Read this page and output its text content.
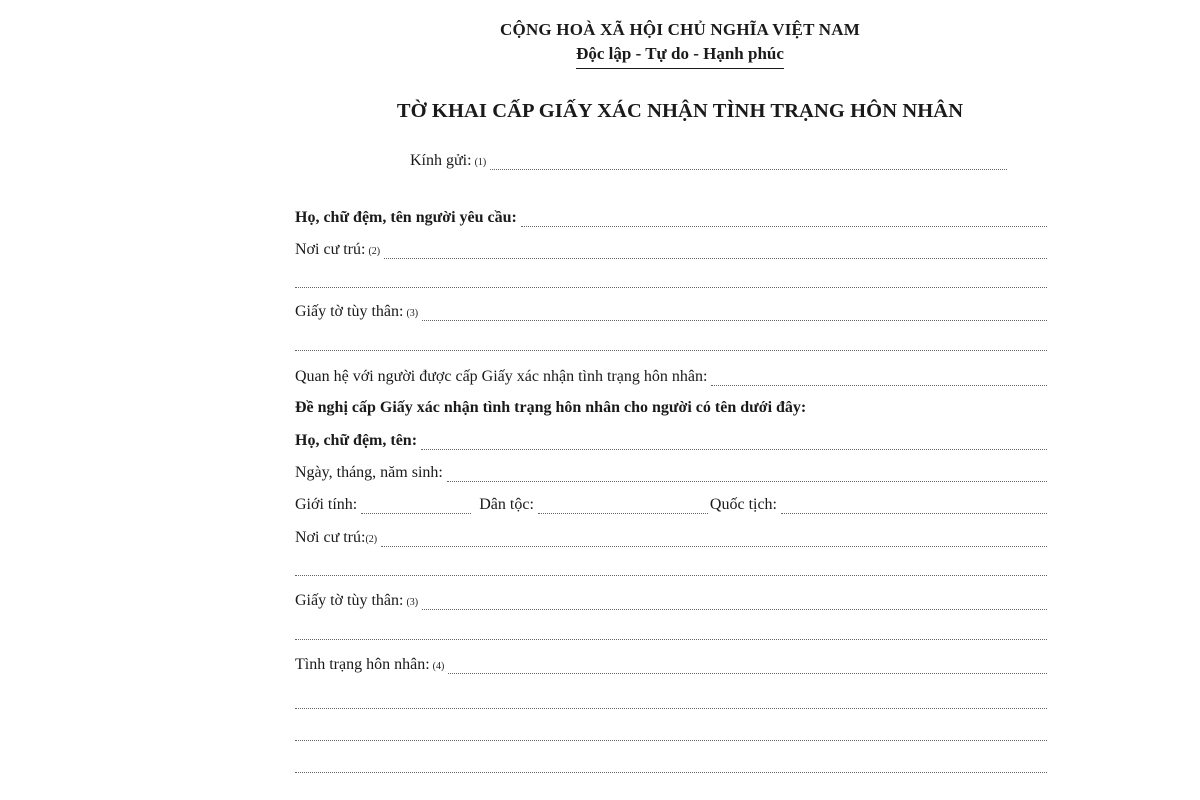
CỘNG HOÀ XÃ HỘI CHỦ NGHĨA VIỆT NAM
Độc lập - Tự do - Hạnh phúc
TỜ KHAI CẤP GIẤY XÁC NHẬN TÌNH TRẠNG HÔN NHÂN
Kính gửi: (1)
Họ, chữ đệm, tên người yêu cầu:
Nơi cư trú: (2)
Giấy tờ tùy thân: (3)
Quan hệ với người được cấp Giấy xác nhận tình trạng hôn nhân:
Đề nghị cấp Giấy xác nhận tình trạng hôn nhân cho người có tên dưới đây:
Họ, chữ đệm, tên:
Ngày, tháng, năm sinh:
Giới tính:	Dân tộc:	Quốc tịch:
Nơi cư trú: (2)
Giấy tờ tùy thân: (3)
Tình trạng hôn nhân: (4)
